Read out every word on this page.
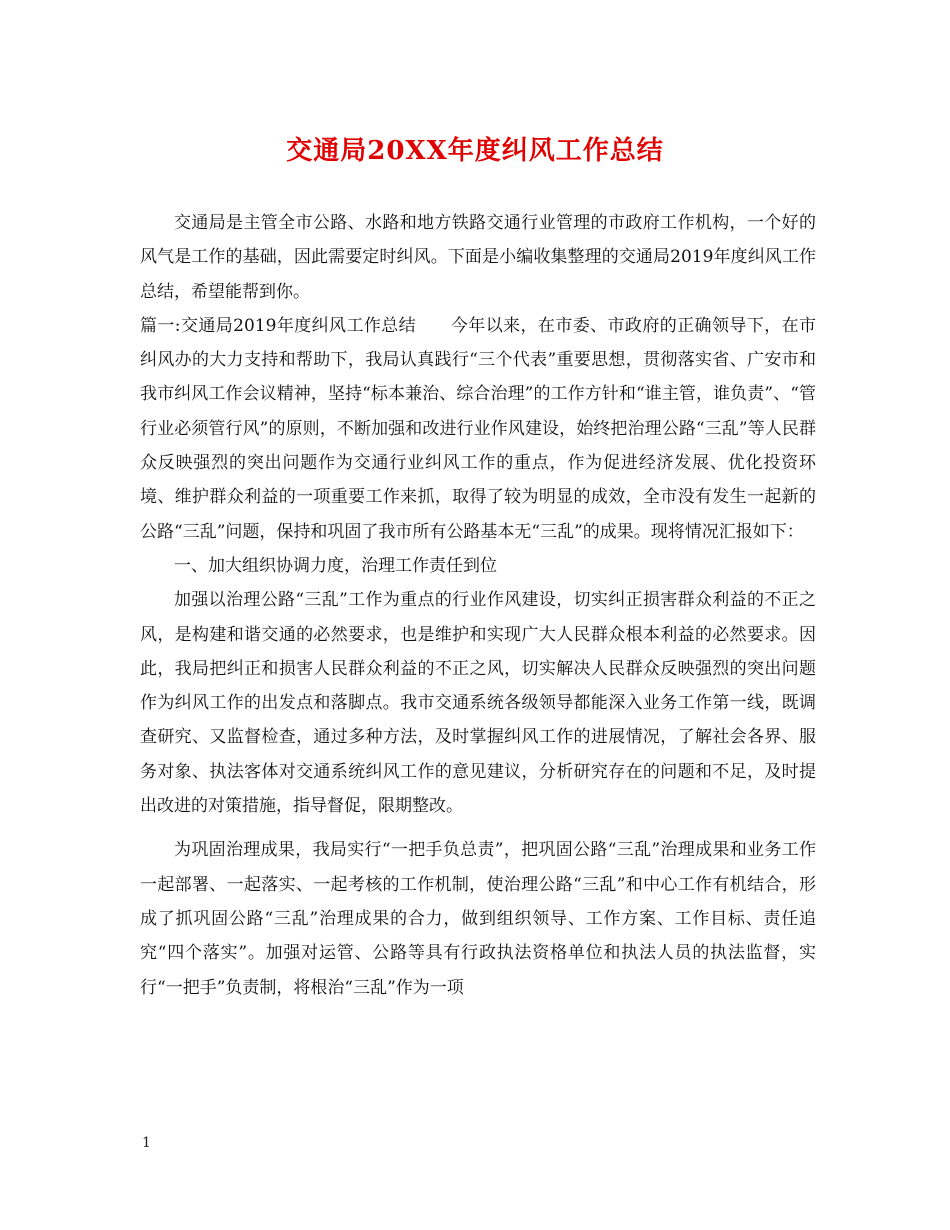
交通局20XX年度纠风工作总结

交通局是主管全市公路、水路和地方铁路交通行业管理的市政府工作机构，一个好的风气是工作的基础，因此需要定时纠风。下面是小编收集整理的交通局2019年度纠风工作总结，希望能帮到你。

篇一:交通局2019年度纠风工作总结　　今年以来，在市委、市政府的正确领导下，在市纠风办的大力支持和帮助下，我局认真践行“三个代表”重要思想，贯彻落实省、广安市和我市纠风工作会议精神，坚持“标本兼治、综合治理”的工作方针和“谁主管，谁负责”、“管行业必须管行风”的原则，不断加强和改进行业作风建设，始终把治理公路“三乱”等人民群众反映强烈的突出问题作为交通行业纠风工作的重点，作为促进经济发展、优化投资环境、维护群众利益的一项重要工作来抓，取得了较为明显的成效，全市没有发生一起新的公路“三乱”问题，保持和巩固了我市所有公路基本无“三乱”的成果。现将情况汇报如下：

一、加大组织协调力度，治理工作责任到位

加强以治理公路“三乱”工作为重点的行业作风建设，切实纠正损害群众利益的不正之风，是构建和谐交通的必然要求，也是维护和实现广大人民群众根本利益的必然要求。因此，我局把纠正和损害人民群众利益的不正之风，切实解决人民群众反映强烈的突出问题作为纠风工作的出发点和落脚点。我市交通系统各级领导都能深入业务工作第一线，既调查研究、又监督检查，通过多种方法，及时掌握纠风工作的进展情况，了解社会各界、服务对象、执法客体对交通系统纠风工作的意见建议，分析研究存在的问题和不足，及时提出改进的对策措施，指导督促，限期整改。

为巩固治理成果，我局实行“一把手负总责”，把巩固公路“三乱”治理成果和业务工作一起部署、一起落实、一起考核的工作机制，使治理公路“三乱”和中心工作有机结合，形成了抓巩固公路“三乱”治理成果的合力，做到组织领导、工作方案、工作目标、责任追究“四个落实”。加强对运管、公路等具有行政执法资格单位和执法人员的执法监督，实行“一把手”负责制，将根治“三乱”作为一项

1
